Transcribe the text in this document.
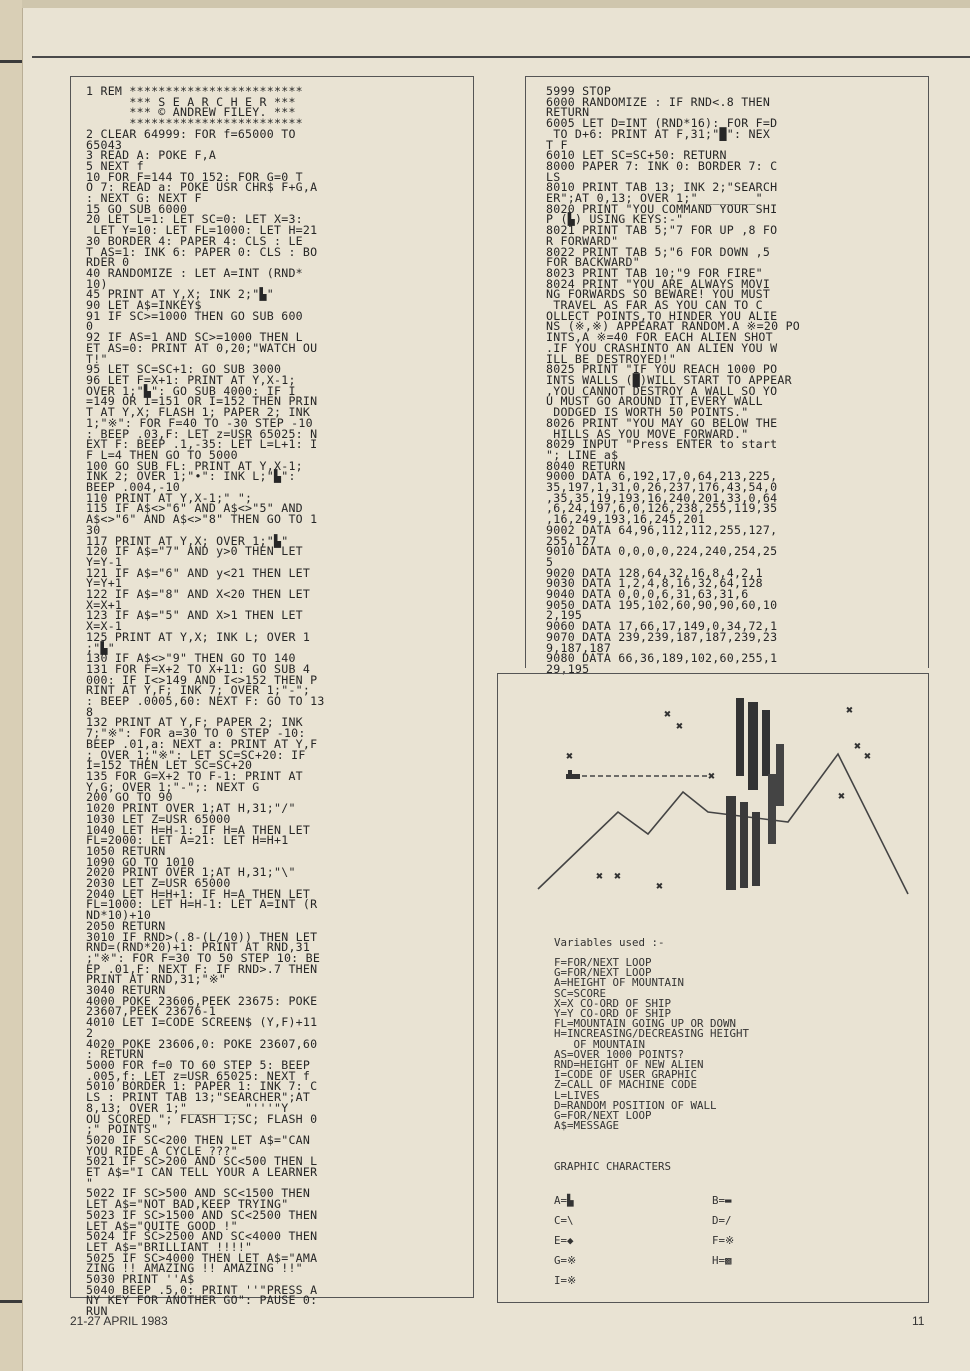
1 REM ************************
*** S E A R C H E R ***
*** © ANDREW FILEY. ***
************************
2 CLEAR 64999: FOR f=65000 TO
65043
3 READ A: POKE F,A
5 NEXT f
10 FOR F=144 TO 152: FOR G=0 T
O 7: READ a: POKE USR CHR$ F+G,A
: NEXT G: NEXT F
15 GO SUB 6000
20 LET L=1: LET SC=0: LET X=3:
LET Y=10: LET FL=1000: LET H=21
30 BORDER 4: PAPER 4: CLS : LE
T AS=1: INK 6: PAPER 0: CLS : BO
RDER 0
40 RANDOMIZE : LET A=INT (RND*
10)
45 PRINT AT Y,X; INK 2;"▙"
90 LET A$=INKEY$
91 IF SC>=1000 THEN GO SUB 600
0
92 IF AS=1 AND SC>=1000 THEN L
ET AS=0: PRINT AT 0,20;"WATCH OU
T!"
95 LET SC=SC+1: GO SUB 3000
96 LET F=X+1: PRINT AT Y,X-1;
OVER 1;"▙": GO SUB 4000: IF I
=149 OR I=151 OR I=152 THEN PRIN
T AT Y,X; FLASH 1; PAPER 2; INK
1;"※": FOR F=40 TO -30 STEP -10
: BEEP .03,F: LET z=USR 65025: N
EXT F: BEEP .1,-35: LET L=L+1: I
F L=4 THEN GO TO 5000
100 GO SUB FL: PRINT AT Y,X-1;
INK 2; OVER 1;"•": INK L;"▙":
BEEP .004,-10
110 PRINT AT Y,X-1;" ";
115 IF A$<>"6" AND A$<>"5" AND
A$<>"6" AND A$<>"8" THEN GO TO 1
30
117 PRINT AT Y,X; OVER 1;"▙"
120 IF A$="7" AND y>0 THEN LET
Y=Y-1
121 IF A$="6" AND y<21 THEN LET
Y=Y+1
122 IF A$="8" AND X<20 THEN LET
X=X+1
123 IF A$="5" AND X>1 THEN LET
X=X-1
125 PRINT AT Y,X; INK L; OVER 1
;"▙"
130 IF A$<>"9" THEN GO TO 140
131 FOR F=X+2 TO X+11: GO SUB 4
000: IF I<>149 AND I<>152 THEN P
RINT AT Y,F; INK 7; OVER 1;"-";
: BEEP .0005,60: NEXT F: GO TO 13
8
132 PRINT AT Y,F; PAPER 2; INK
7;"※": FOR a=30 TO 0 STEP -10:
BEEP .01,a: NEXT a: PRINT AT Y,F
; OVER 1;"※": LET SC=SC+20: IF
I=152 THEN LET SC=SC+20
135 FOR G=X+2 TO F-1: PRINT AT
Y,G; OVER 1;"-";: NEXT G
200 GO TO 90
1020 PRINT OVER 1;AT H,31;"/"
1030 LET Z=USR 65000
1040 LET H=H-1: IF H=A THEN LET
FL=2000: LET A=21: LET H=H+1
1050 RETURN
1090 GO TO 1010
2020 PRINT OVER 1;AT H,31;"\"
2030 LET Z=USR 65000
2040 LET H=H+1: IF H=A THEN LET
FL=1000: LET H=H-1: LET A=INT (R
ND*10)+10
2050 RETURN
3010 IF RND>(.8-(L/10)) THEN LET
RND=(RND*20)+1: PRINT AT RND,31
;"※": FOR F=30 TO 50 STEP 10: BE
EP .01,F: NEXT F: IF RND>.7 THEN
PRINT AT RND,31;"※"
3040 RETURN
4000 POKE 23606,PEEK 23675: POKE
23607,PEEK 23676-1
4010 LET I=CODE SCREEN$ (Y,F)+11
2
4020 POKE 23606,0: POKE 23607,60
: RETURN
5000 FOR f=0 TO 60 STEP 5: BEEP
.005,f: LET z=USR 65025: NEXT f
5010 BORDER 1: PAPER 1: INK 7: C
LS : PRINT TAB 13;"SEARCHER";AT
8,13; OVER 1;"________"'''"Y
OU SCORED "; FLASH 1;SC; FLASH 0
;" POINTS"
5020 IF SC<200 THEN LET A$="CAN
YOU RIDE A CYCLE ???"
5021 IF SC>200 AND SC<500 THEN L
ET A$="I CAN TELL YOUR A LEARNER
"
5022 IF SC>500 AND SC<1500 THEN
LET A$="NOT BAD,KEEP TRYING"
5023 IF SC>1500 AND SC<2500 THEN
LET A$="QUITE GOOD !"
5024 IF SC>2500 AND SC<4000 THEN
LET A$="BRILLIANT !!!!"
5025 IF SC>4000 THEN LET A$="AMA
ZING !! AMAZING !! AMAZING !!"
5030 PRINT ''A$
5040 BEEP .5,0: PRINT ''"PRESS A
NY KEY FOR ANOTHER GO": PAUSE 0:
RUN
5999 STOP
6000 RANDOMIZE : IF RND<.8 THEN
RETURN
6005 LET D=INT (RND*16): FOR F=D
TO D+6: PRINT AT F,31;"█": NEX
T F
6010 LET SC=SC+50: RETURN
8000 PAPER 7: INK 0: BORDER 7: C
LS
8010 PRINT TAB 13; INK 2;"SEARCH
ER";AT 0,13; OVER 1;"________"
8020 PRINT "YOU COMMAND YOUR SHI
P (▙) USING KEYS:-"
8021 PRINT TAB 5;"7 FOR UP ,8 FO
R FORWARD"
8022 PRINT TAB 5;"6 FOR DOWN ,5
FOR BACKWARD"
8023 PRINT TAB 10;"9 FOR FIRE"
8024 PRINT "YOU ARE ALWAYS MOVI
NG FORWARDS SO BEWARE! YOU MUST
TRAVEL AS FAR AS YOU CAN TO C
OLLECT POINTS,TO HINDER YOU ALIE
NS (※,※) APPEARAT RANDOM.A ※=20 PO
INTS,A ※=40 FOR EACH ALIEN SHOT
.IF YOU CRASHINTO AN ALIEN YOU W
ILL BE DESTROYED!"
8025 PRINT "IF YOU REACH 1000 PO
INTS WALLS (█)WILL START TO APPEAR
,YOU CANNOT DESTROY A WALL SO YO
U MUST GO AROUND IT,EVERY WALL
DODGED IS WORTH 50 POINTS."
8026 PRINT "YOU MAY GO BELOW THE
HILLS AS YOU MOVE FORWARD."
8029 INPUT "Press ENTER to start
"; LINE a$
8040 RETURN
9000 DATA 6,192,17,0,64,213,225,
35,197,1,31,0,26,237,176,43,54,0
,35,35,19,193,16,240,201,33,0,64
,6,24,197,6,0,126,238,255,119,35
,16,249,193,16,245,201
9002 DATA 64,96,112,112,255,127,
255,127
9010 DATA 0,0,0,0,224,240,254,25
5
9020 DATA 128,64,32,16,8,4,2,1
9030 DATA 1,2,4,8,16,32,64,128
9040 DATA 0,0,0,6,31,63,31,6
9050 DATA 195,102,60,90,90,60,10
2,195
9060 DATA 17,66,17,149,0,34,72,1
9070 DATA 239,239,187,187,239,23
9,187,187
9080 DATA 66,36,189,102,60,255,1
29,195
✖
✖
✖
✖
✖
✖
✖
✖ ✖
✖
✖
Variables used :-
F=FOR/NEXT LOOP
G=FOR/NEXT LOOP
A=HEIGHT OF MOUNTAIN
SC=SCORE
X=X CO-ORD OF SHIP
Y=Y CO-ORD OF SHIP
FL=MOUNTAIN GOING UP OR DOWN
H=INCREASING/DECREASING HEIGHT
OF MOUNTAIN
AS=OVER 1000 POINTS?
RND=HEIGHT OF NEW ALIEN
I=CODE OF USER GRAPHIC
Z=CALL OF MACHINE CODE
L=LIVES
D=RANDOM POSITION OF WALL
G=FOR/NEXT LOOP
A$=MESSAGE
GRAPHIC CHARACTERS
A=▙	B=▬
C=\	D=/
E=◆	F=※
G=※	H=▩
I=※
21-27 APRIL 1983	11
